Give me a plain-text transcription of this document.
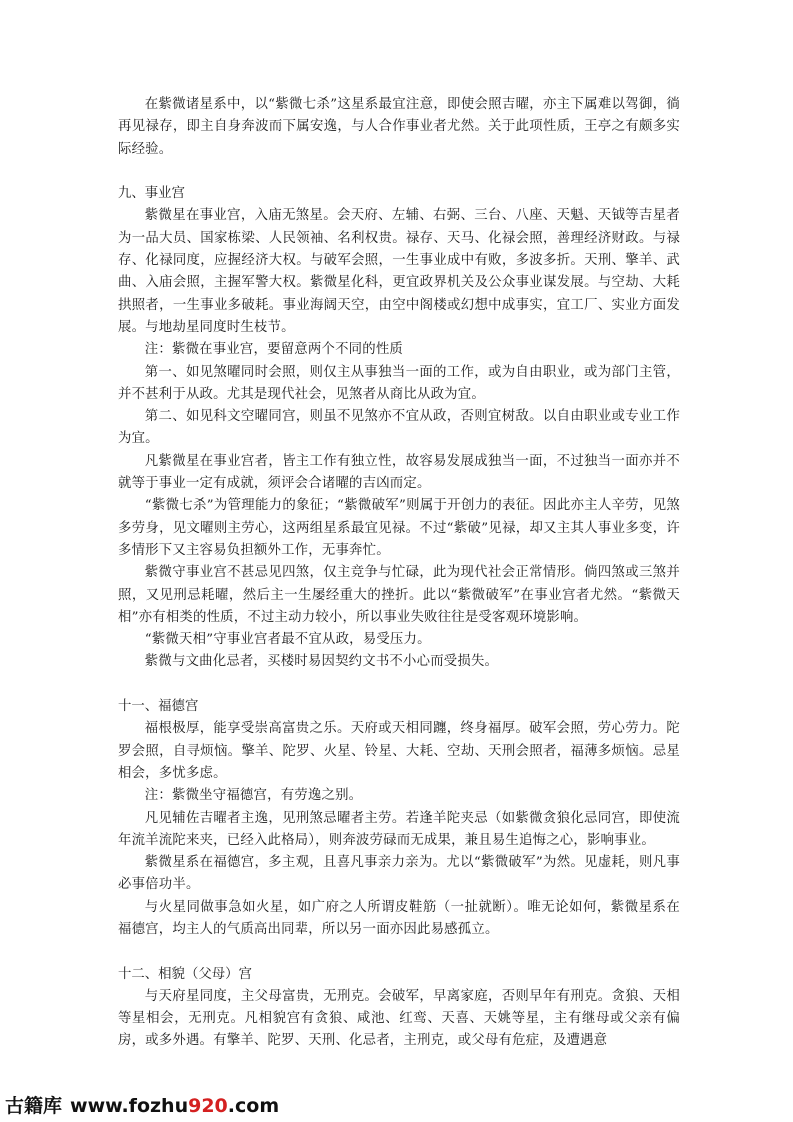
在紫微诸星系中，以“紫微七杀”这星系最宜注意，即使会照吉曜，亦主下属难以驾御，徜再见禄存，即主自身奔波而下属安逸，与人合作事业者尤然。关于此项性质，王亭之有颇多实际经验。

九、事业宫

紫微星在事业宫，入庙无煞星。会天府、左辅、右弼、三台、八座、天魁、天钺等吉星者为一品大员、国家栋梁、人民领袖、名利权贵。禄存、天马、化禄会照，善理经济财政。与禄存、化禄同度，应握经济大权。与破军会照，一生事业成中有败，多波多折。天刑、擎羊、武曲、入庙会照，主握军警大权。紫微星化科，更宜政界机关及公众事业谋发展。与空劫、大耗拱照者，一生事业多破耗。事业海阔天空，由空中阁楼或幻想中成事实，宜工厂、实业方面发展。与地劫星同度时生枝节。

注：紫微在事业宫，要留意两个不同的性质

第一、如见煞曜同时会照，则仅主从事独当一面的工作，或为自由职业，或为部门主管，并不甚利于从政。尤其是现代社会，见煞者从商比从政为宜。

第二、如见科文空曜同宫，则虽不见煞亦不宜从政，否则宜树敌。以自由职业或专业工作为宜。

凡紫微星在事业宫者，皆主工作有独立性，故容易发展成独当一面，不过独当一面亦并不就等于事业一定有成就，须评会合诸曜的吉凶而定。

“紫微七杀”为管理能力的象征；“紫微破军”则属于开创力的表征。因此亦主人辛劳，见煞多劳身，见文曜则主劳心，这两组星系最宜见禄。不过“紫破”见禄，却又主其人事业多变，许多情形下又主容易负担额外工作，无事奔忙。

紫微守事业宫不甚忌见四煞，仅主竞争与忙碌，此为现代社会正常情形。倘四煞或三煞并照，又见刑忌耗曜，然后主一生屡经重大的挫折。此以“紫微破军”在事业宫者尤然。“紫微天相”亦有相类的性质，不过主动力较小，所以事业失败往往是受客观环境影响。

“紫微天相”守事业宫者最不宜从政，易受压力。

紫微与文曲化忌者，买楼时易因契约文书不小心而受损失。

十一、福德宫

福根极厚，能享受崇高富贵之乐。天府或天相同躔，终身福厚。破军会照，劳心劳力。陀罗会照，自寻烦恼。擎羊、陀罗、火星、铃星、大耗、空劫、天刑会照者，福薄多烦恼。忌星相会，多忧多虑。

注：紫微坐守福德宫，有劳逸之别。

凡见辅佐吉曜者主逸，见刑煞忌曜者主劳。若逢羊陀夹忌（如紫微贪狼化忌同宫，即使流年流羊流陀来夹，已经入此格局），则奔波劳碌而无成果，兼且易生追悔之心，影响事业。

紫微星系在福德宫，多主观，且喜凡事亲力亲为。尤以“紫微破军”为然。见虚耗，则凡事必事倍功半。

与火星同做事急如火星，如广府之人所谓皮鞋筋（一扯就断）。唯无论如何，紫微星系在福德宫，均主人的气质高出同辈，所以另一面亦因此易感孤立。

十二、相貌（父母）宫

与天府星同度，主父母富贵，无刑克。会破军，早离家庭，否则早年有刑克。贪狼、天相等星相会，无刑克。凡相貌宫有贪狼、咸池、红鸾、天喜、天姚等星，主有继母或父亲有偏房，或多外遇。有擎羊、陀罗、天刑、化忌者，主刑克，或父母有危症，及遭遇意

古籍库 www.fozhu920.com
